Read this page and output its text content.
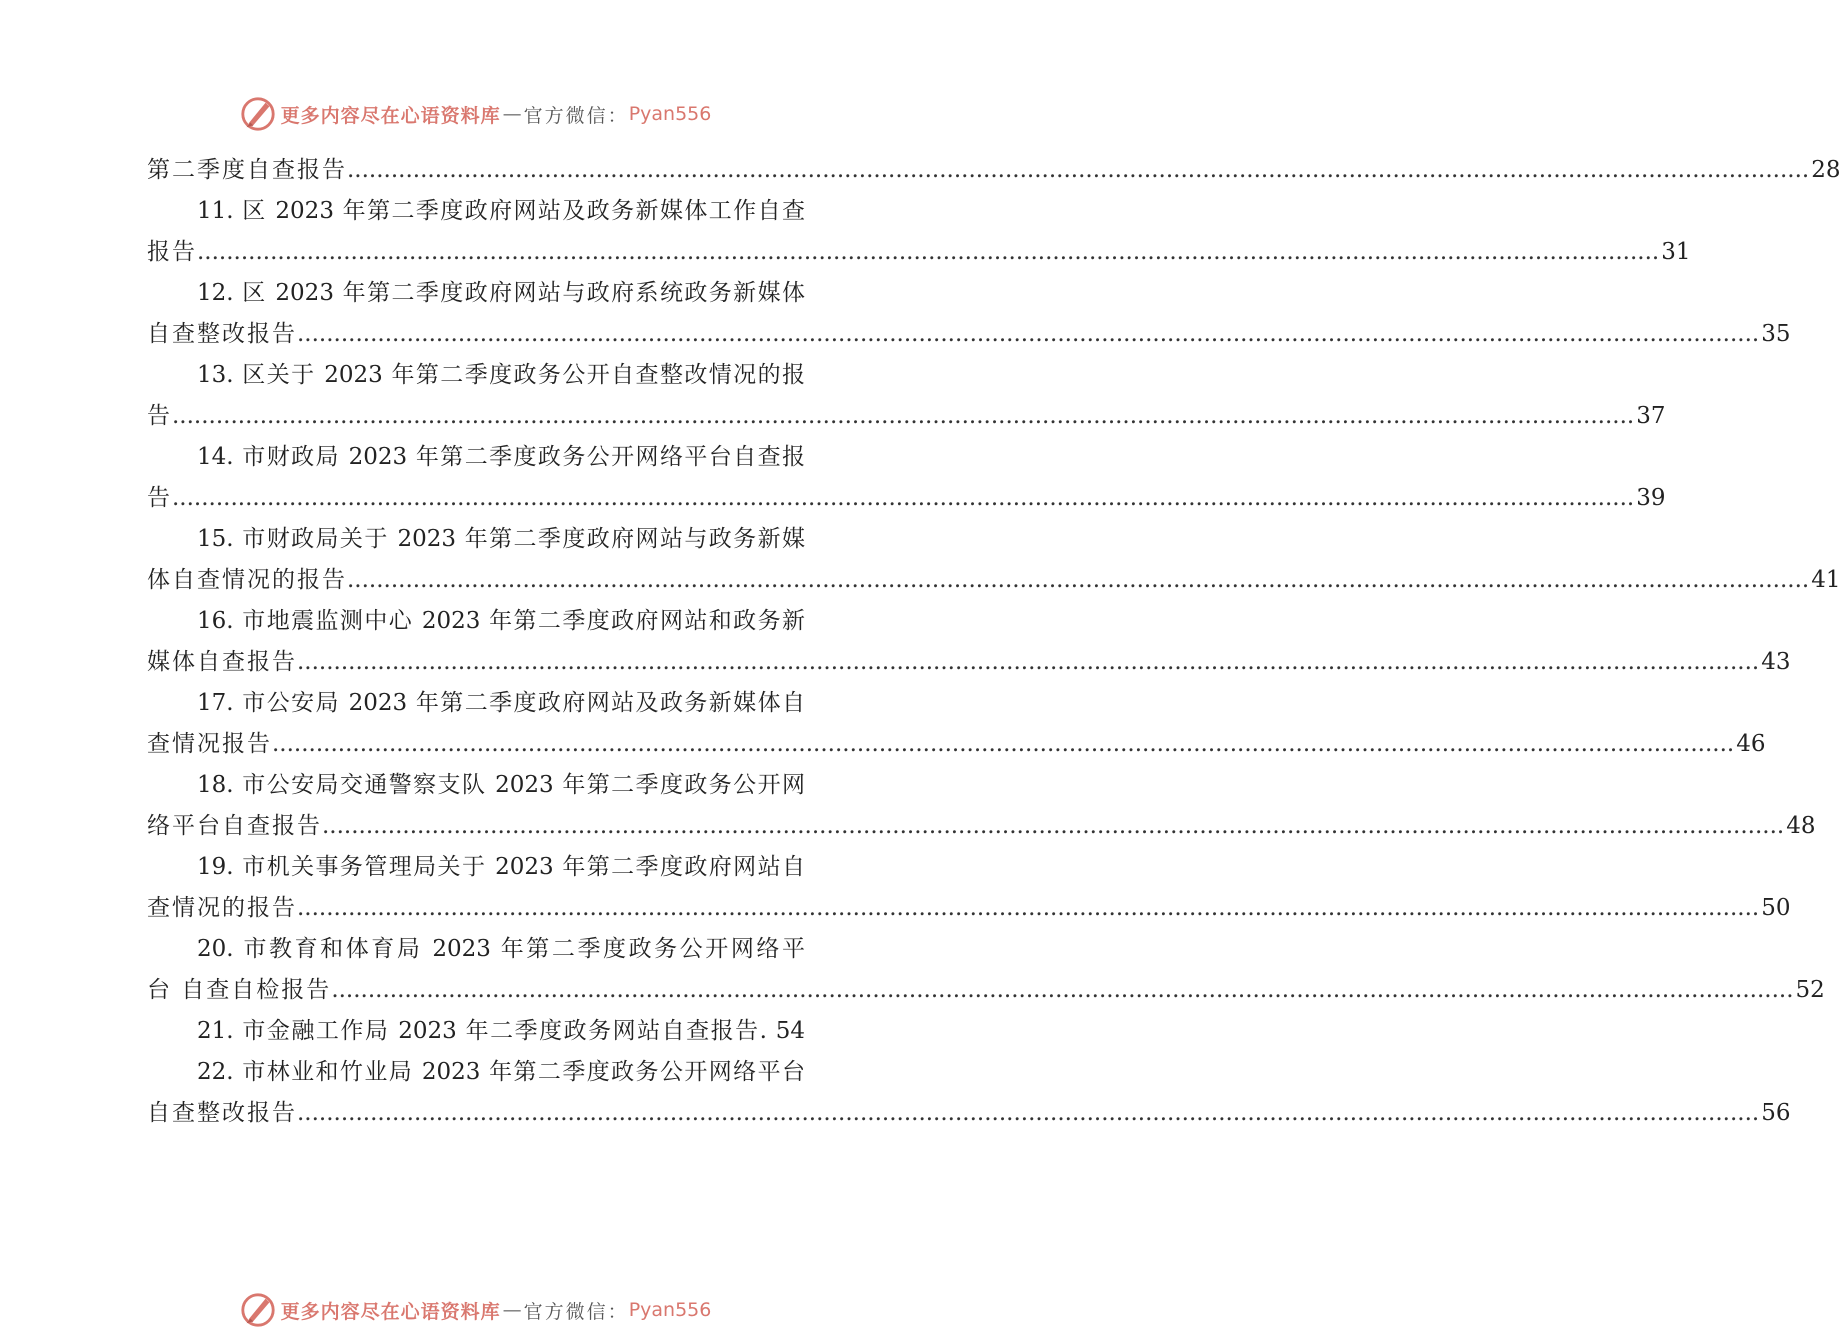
更多内容尽在心语资料库 — 官方微信： Pyan556
第二季度自查报告 ........................................................................................................................................................................................................ 28
11. 区 2023 年第二季度政府网站及政务新媒体工作自查
报告 ........................................................................................................................................................................................................ 31
12. 区 2023 年第二季度政府网站与政府系统政务新媒体
自查整改报告 ........................................................................................................................................................................................................ 35
13. 区关于 2023 年第二季度政务公开自查整改情况的报
告 ........................................................................................................................................................................................................ 37
14. 市财政局 2023 年第二季度政务公开网络平台自查报
告 ........................................................................................................................................................................................................ 39
15. 市财政局关于 2023 年第二季度政府网站与政务新媒
体自查情况的报告 ........................................................................................................................................................................................................ 41
16. 市地震监测中心 2023 年第二季度政府网站和政务新
媒体自查报告 ........................................................................................................................................................................................................ 43
17. 市公安局 2023 年第二季度政府网站及政务新媒体自
查情况报告 ........................................................................................................................................................................................................ 46
18. 市公安局交通警察支队 2023 年第二季度政务公开网
络平台自查报告 ........................................................................................................................................................................................................ 48
19. 市机关事务管理局关于 2023 年第二季度政府网站自
查情况的报告 ........................................................................................................................................................................................................ 50
20. 市教育和体育局 2023 年第二季度政务公开网络平
台 自查自检报告 ........................................................................................................................................................................................................ 52
21. 市金融工作局 2023 年二季度政务网站自查报告. 54
22. 市林业和竹业局 2023 年第二季度政务公开网络平台
自查整改报告 ........................................................................................................................................................................................................ 56
更多内容尽在心语资料库 — 官方微信： Pyan556
